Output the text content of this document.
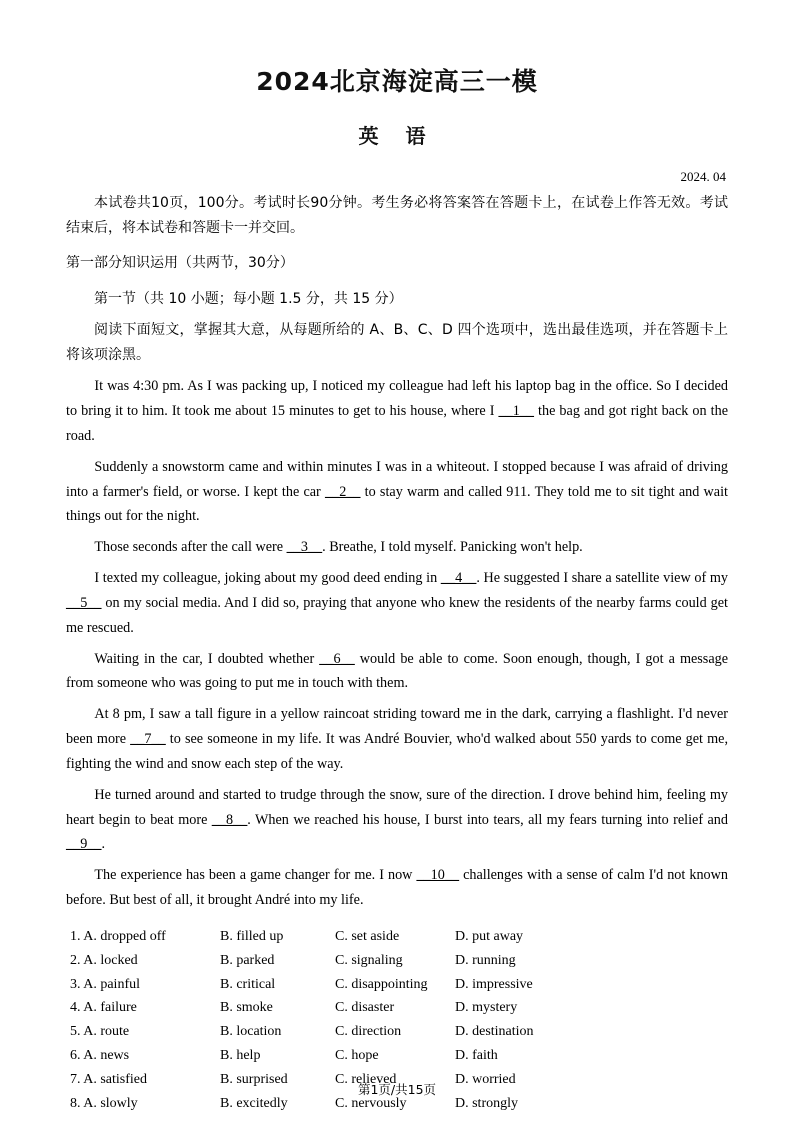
2024北京海淀高三一模
英 语
2024. 04

本试卷共10页，100分。考试时长90分钟。考生务必将答案答在答题卡上，在试卷上作答无效。考试结束后，将本试卷和答题卡一并交回。

第一部分知识运用（共两节，30分）

第一节（共 10 小题；每小题 1.5 分，共 15 分）

阅读下面短文，掌握其大意，从每题所给的 A、B、C、D 四个选项中，选出最佳选项，并在答题卡上将该项涂黑。

It was 4:30 pm. As I was packing up, I noticed my colleague had left his laptop bag in the office. So I decided to bring it to him. It took me about 15 minutes to get to his house, where I __1__ the bag and got right back on the road.

Suddenly a snowstorm came and within minutes I was in a whiteout. I stopped because I was afraid of driving into a farmer's field, or worse. I kept the car __2__ to stay warm and called 911. They told me to sit tight and wait things out for the night.

Those seconds after the call were __3__. Breathe, I told myself. Panicking won't help.

I texted my colleague, joking about my good deed ending in __4__. He suggested I share a satellite view of my __5__ on my social media. And I did so, praying that anyone who knew the residents of the nearby farms could get me rescued.

Waiting in the car, I doubted whether __6__ would be able to come. Soon enough, though, I got a message from someone who was going to put me in touch with them.

At 8 pm, I saw a tall figure in a yellow raincoat striding toward me in the dark, carrying a flashlight. I'd never been more __7__ to see someone in my life. It was André Bouvier, who'd walked about 550 yards to come get me, fighting the wind and snow each step of the way.

He turned around and started to trudge through the snow, sure of the direction. I drove behind him, feeling my heart begin to beat more __8__. When we reached his house, I burst into tears, all my fears turning into relief and __9__.

The experience has been a game changer for me. I now __10__ challenges with a sense of calm I'd not known before. But best of all, it brought André into my life.

1. A. dropped off	B. filled up	C. set aside	D. put away
2. A. locked	B. parked	C. signaling	D. running
3. A. painful	B. critical	C. disappointing	D. impressive
4. A. failure	B. smoke	C. disaster	D. mystery
5. A. route	B. location	C. direction	D. destination
6. A. news	B. help	C. hope	D. faith
7. A. satisfied	B. surprised	C. relieved	D. worried
8. A. slowly	B. excitedly	C. nervously	D. strongly
第1页/共15页
